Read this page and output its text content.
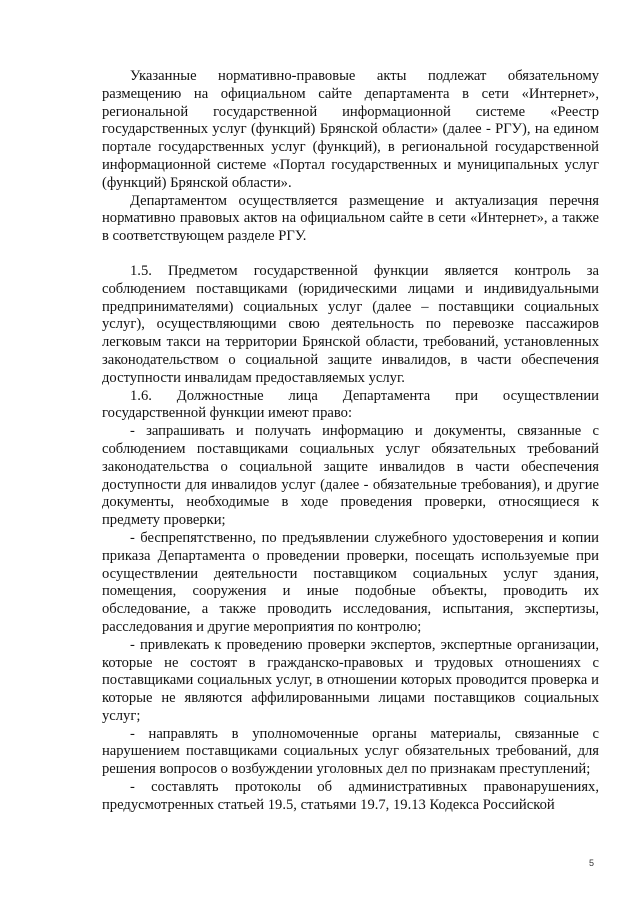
Указанные нормативно-правовые акты подлежат обязательному размещению на официальном сайте департамента в сети «Интернет», региональной государственной информационной системе «Реестр государственных услуг (функций) Брянской области» (далее - РГУ), на едином портале государственных услуг (функций), в региональной государственной информационной системе «Портал государственных и муниципальных услуг (функций) Брянской области».

Департаментом осуществляется размещение и актуализация перечня нормативно правовых актов на официальном сайте в сети «Интернет», а также в соответствующем разделе РГУ.

1.5. Предметом государственной функции является контроль за соблюдением поставщиками (юридическими лицами и индивидуальными предпринимателями) социальных услуг (далее – поставщики социальных услуг), осуществляющими свою деятельность по перевозке пассажиров легковым такси на территории Брянской области, требований, установленных законодательством о социальной защите инвалидов, в части обеспечения доступности инвалидам предоставляемых услуг.

1.6. Должностные лица Департамента при осуществлении государственной функции имеют право:

- запрашивать и получать информацию и документы, связанные с соблюдением поставщиками социальных услуг обязательных требований законодательства о социальной защите инвалидов в части обеспечения доступности для инвалидов услуг (далее - обязательные требования), и другие документы, необходимые в ходе проведения проверки, относящиеся к предмету проверки;

- беспрепятственно, по предъявлении служебного удостоверения и копии приказа Департамента о проведении проверки, посещать используемые при осуществлении деятельности поставщиком социальных услуг здания, помещения, сооружения и иные подобные объекты, проводить их обследование, а также проводить исследования, испытания, экспертизы, расследования и другие мероприятия по контролю;

- привлекать к проведению проверки экспертов, экспертные организации, которые не состоят в гражданско-правовых и трудовых отношениях с поставщиками социальных услуг, в отношении которых проводится проверка и которые не являются аффилированными лицами поставщиков социальных услуг;

- направлять в уполномоченные органы материалы, связанные с нарушением поставщиками социальных услуг обязательных требований, для решения вопросов о возбуждении уголовных дел по признакам преступлений;

- составлять протоколы об административных правонарушениях, предусмотренных статьей 19.5, статьями 19.7, 19.13 Кодекса Российской

5
